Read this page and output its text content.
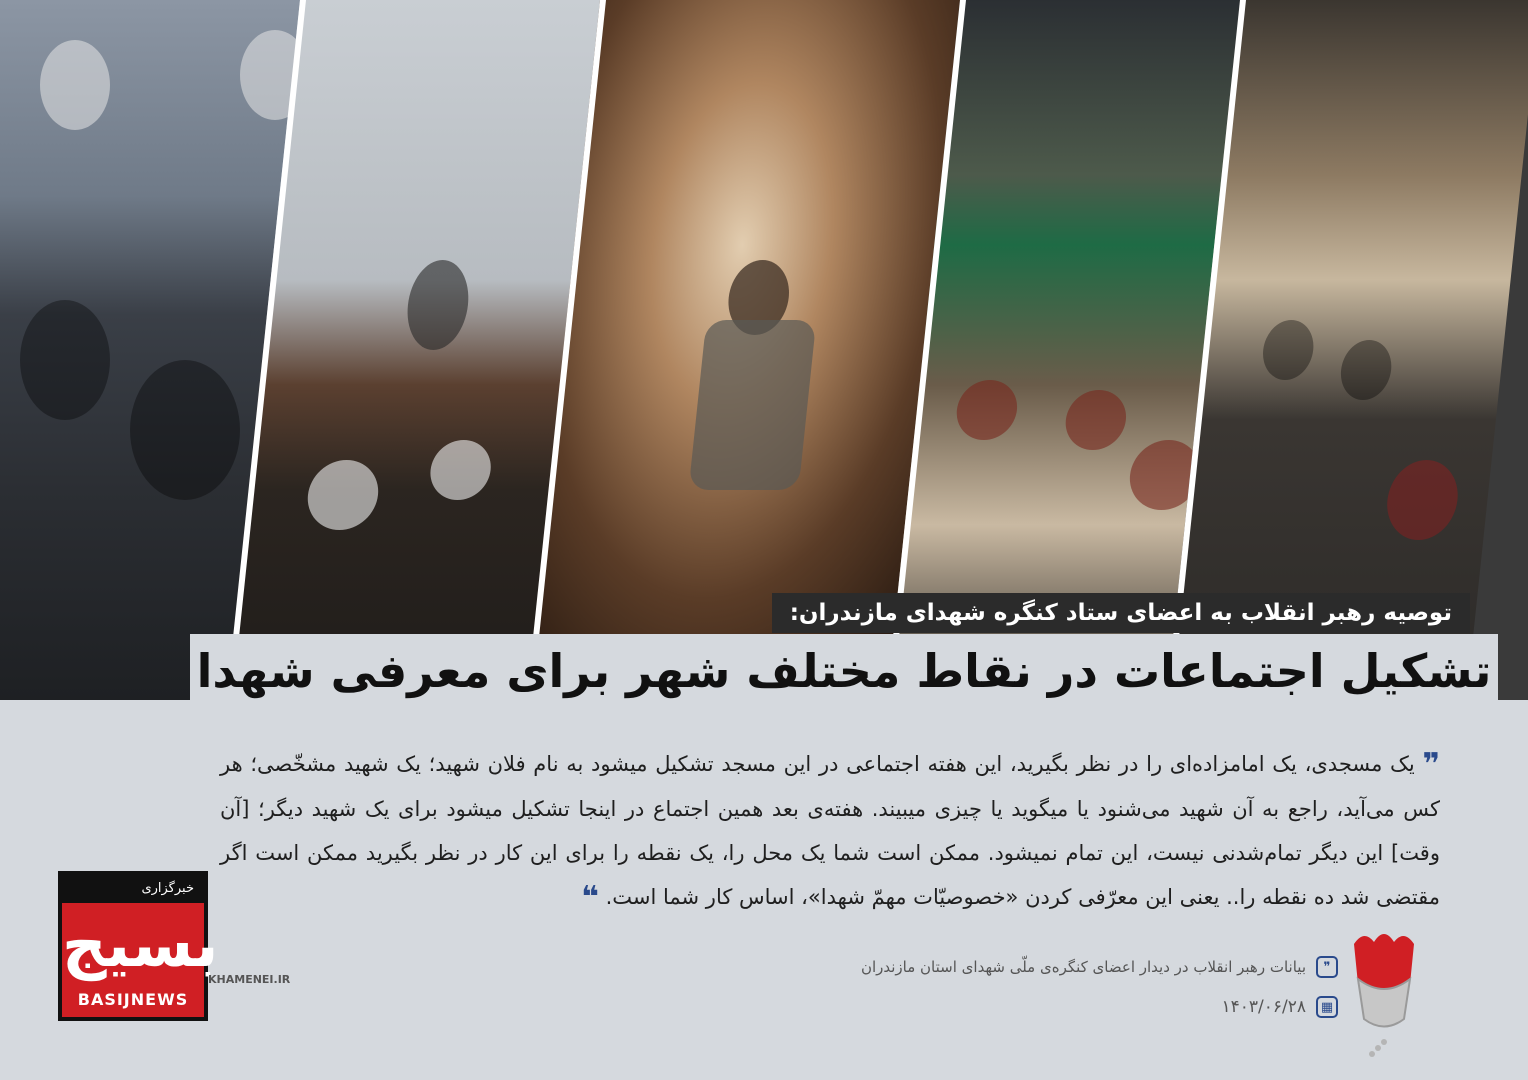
توصیه رهبر انقلاب به اعضای ستاد کنگره شهدای مازندران:
تشکیل اجتماعات در نقاط مختلف شهر برای معرفی شهدا
❞ یک مسجدی، یک امامزاده‌ای را در نظر بگیرید، این هفته اجتماعی در این مسجد تشکیل میشود به نام فلان شهید؛ یک شهید مشخّصی؛ هر کس می‌آید، راجع به آن شهید می‌شنود یا میگوید یا چیزی میبیند. هفته‌ی بعد همین اجتماع در اینجا تشکیل میشود برای یک شهید دیگر؛ [آن وقت] این دیگر تمام‌شدنی نیست، این تمام نمیشود. ممکن است شما یک محل را، یک نقطه را برای این کار در نظر بگیرید ممکن است اگر مقتضی شد ده نقطه را.. یعنی این معرّفی کردن «خصوصیّات مهمّ شهدا»، اساس کار شما است. ❝
❞
بیانات رهبر انقلاب در دیدار اعضای کنگره‌ی ملّی شهدای استان مازندران
▦
۱۴۰۳/۰۶/۲۸
خبرگزاری
بسیج
BASIJNEWS
KHAMENEI.IR
